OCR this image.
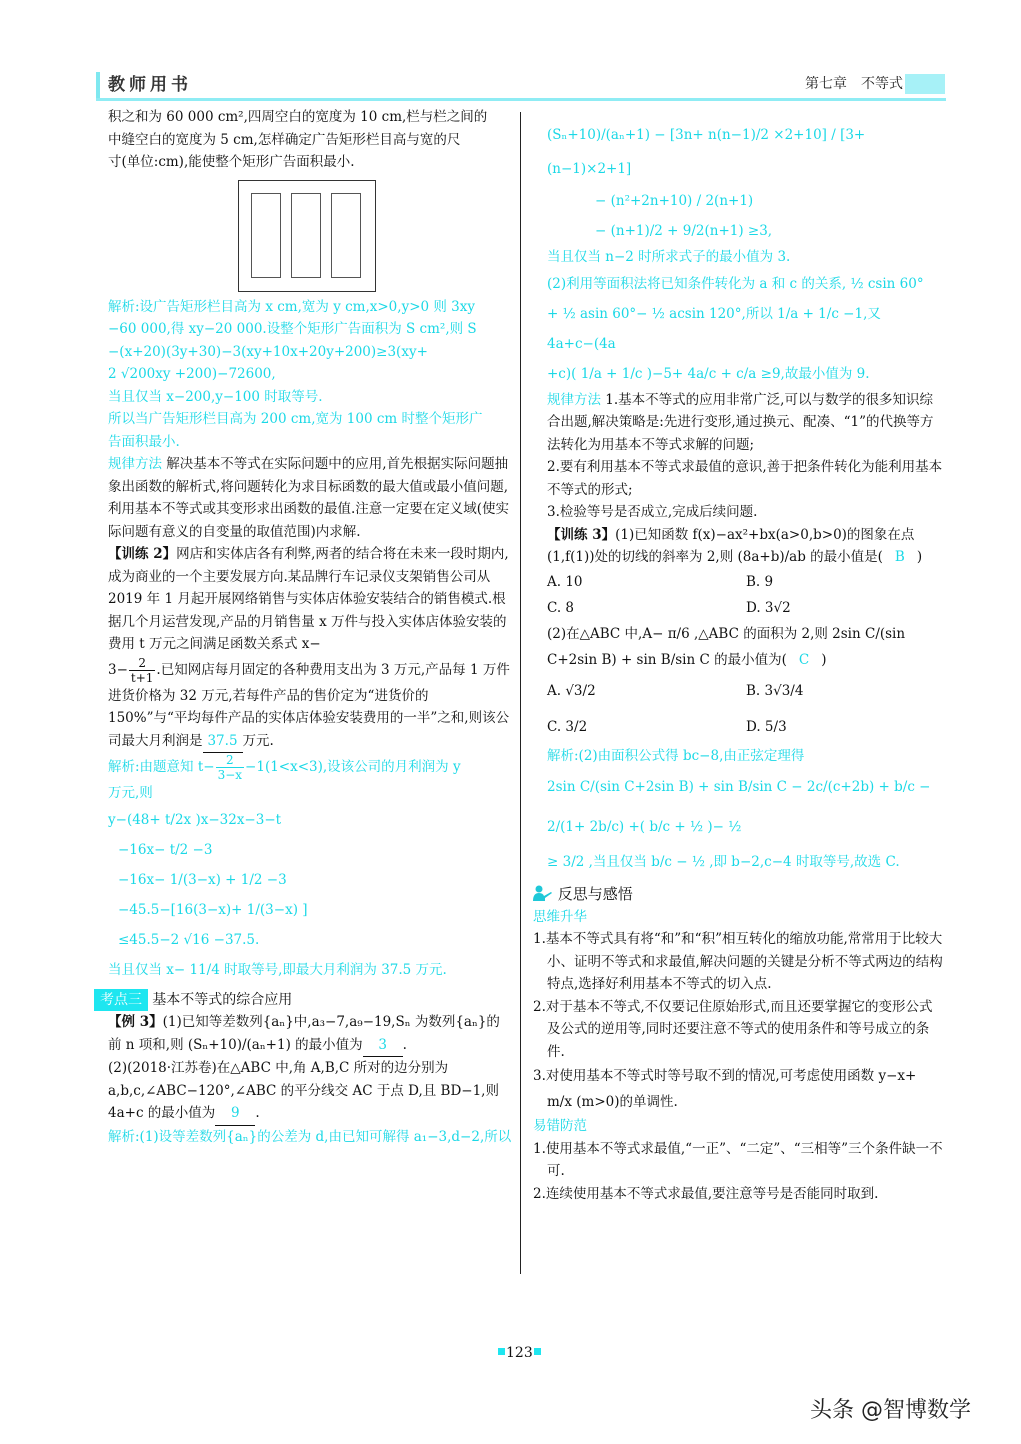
教师用书	第七章 不等式

积之和为 60 000 cm²,四周空白的宽度为 10 cm,栏与栏之间的

中缝空白的宽度为 5 cm,怎样确定广告矩形栏目高与宽的尺

寸(单位:cm),能使整个矩形广告面积最小.

解析:设广告矩形栏目高为 x cm,宽为 y cm,x>0,y>0 则 3xy

−60 000,得 xy−20 000.设整个矩形广告面积为 S cm²,则 S

−(x+20)(3y+30)−3(xy+10x+20y+200)≥3(xy+

2 √200xy +200)−72600,

当且仅当 x−200,y−100 时取等号.

所以当广告矩形栏目高为 200 cm,宽为 100 cm 时整个矩形广

告面积最小.

规律方法 解决基本不等式在实际问题中的应用,首先根据实际问题抽象出函数的解析式,将问题转化为求目标函数的最大值或最小值问题,利用基本不等式或其变形求出函数的最值.注意一定要在定义域(使实际问题有意义的自变量的取值范围)内求解.

【训练 2】网店和实体店各有利弊,两者的结合将在未来一段时期内,成为商业的一个主要发展方向.某品牌行车记录仪支架销售公司从 2019 年 1 月起开展网络销售与实体店体验安装结合的销售模式.根据几个月运营发现,产品的月销售量 x 万件与投入实体店体验安装的费用 t 万元之间满足函数关系式 x−

$3- \frac{2}{t+1}$ .已知网店每月固定的各种费用支出为 3 万元,产品每 1 万件进货价格为 32 万元,若每件产品的售价定为“进货价的 150%”与“平均每件产品的实体店体验安装费用的一半”之和,则该公司最大月利润是 37.5 万元.

解析:由题意知 $t- \frac{2}{3-x} -1(1<x<3)$,设该公司的月利润为 y

万元,则

y−(48+ t/2x )x−32x−3−t

−16x− t/2 −3

−16x− 1/(3−x) + 1/2 −3

−45.5−[16(3−x)+ 1/(3−x) ]

≤45.5−2 √16 −37.5.

当且仅当 x− 11/4 时取等号,即最大月利润为 37.5 万元.

考点三 基本不等式的综合应用

【例 3】(1)已知等差数列{aₙ}中,a₃−7,a₉−19,Sₙ 为数列{aₙ}的前 n 项和,则 (Sₙ+10)/(aₙ+1) 的最小值为 3 .

(2)(2018·江苏卷)在△ABC 中,角 A,B,C 所对的边分别为 a,b,c,∠ABC−120°,∠ABC 的平分线交 AC 于点 D,且 BD−1,则 4a+c 的最小值为 9 .

解析:(1)设等差数列{aₙ}的公差为 d,由已知可解得 a₁−3,d−2,所以

(Sₙ+10)/(aₙ+1) − [3n+ n(n−1)/2 ×2+10] / [3+(n−1)×2+1]

− (n²+2n+10) / 2(n+1)

− (n+1)/2 + 9/2(n+1) ≥3,

当且仅当 n−2 时所求式子的最小值为 3.

(2)利用等面积法将已知条件转化为 a 和 c 的关系, ½ csin 60°

+ ½ asin 60°− ½ acsin 120°,所以 1/a + 1/c −1,又 4a+c−(4a

+c)( 1/a + 1/c )−5+ 4a/c + c/a ≥9,故最小值为 9.

规律方法 1.基本不等式的应用非常广泛,可以与数学的很多知识综合出题,解决策略是:先进行变形,通过换元、配凑、“1”的代换等方法转化为用基本不等式求解的问题;

2.要有利用基本不等式求最值的意识,善于把条件转化为能利用基本不等式的形式;

3.检验等号是否成立,完成后续问题.

【训练 3】(1)已知函数 f(x)−ax²+bx(a>0,b>0)的图象在点(1,f(1))处的切线的斜率为 2,则 (8a+b)/ab 的最小值是( B )

A. 10	B. 9
C. 8	D. 3√2

(2)在△ABC 中,A− π/6 ,△ABC 的面积为 2,则 2sin C/(sin C+2sin B) + sin B/sin C 的最小值为( C )

A. √3/2	B. 3√3/4
C. 3/2	D. 5/3

解析:(2)由面积公式得 bc−8,由正弦定理得

2sin C/(sin C+2sin B) + sin B/sin C − 2c/(c+2b) + b/c − 2/(1+ 2b/c) +( b/c + ½ )− ½

≥ 3/2 ,当且仅当 b/c − ½ ,即 b−2,c−4 时取等号,故选 C.

反思与感悟

思维升华

1.基本不等式具有将“和”和“积”相互转化的缩放功能,常常用于比较大小、证明不等式和求最值,解决问题的关键是分析不等式两边的结构特点,选择好利用基本不等式的切入点.

2.对于基本不等式,不仅要记住原始形式,而且还要掌握它的变形公式及公式的逆用等,同时还要注意不等式的使用条件和等号成立的条件.

3.对使用基本不等式时等号取不到的情况,可考虑使用函数 y−x+ m/x (m>0)的单调性.

易错防范

1.使用基本不等式求最值,“一正”、“二定”、“三相等”三个条件缺一不可.

2.连续使用基本不等式求最值,要注意等号是否能同时取到.

123
头条 @智博数学
